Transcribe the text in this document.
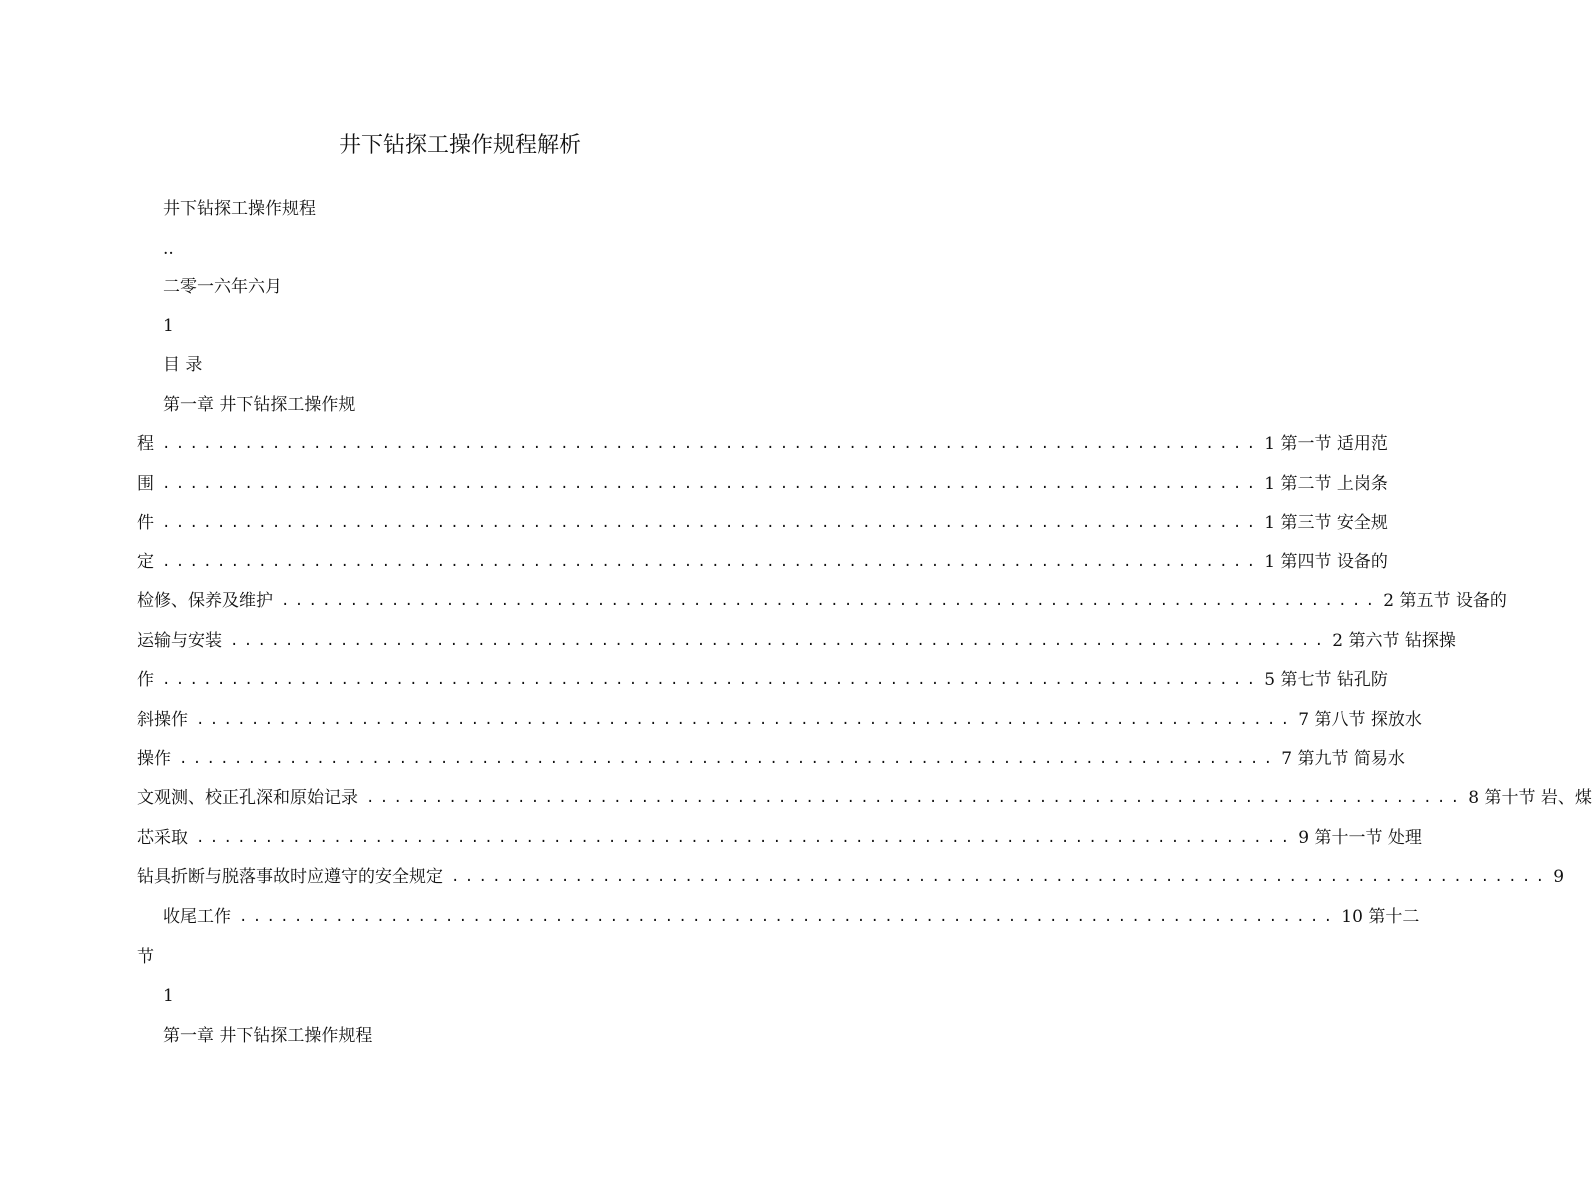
井下钻探工操作规程解析
井下钻探工操作规程
..
二零一六年六月
1
目 录
第一章 井下钻探工操作规
程 ................................................................................ 1 第一节 适用范
围 ................................................................................ 1 第二节 上岗条
件 ................................................................................ 1 第三节 安全规
定 ................................................................................ 1 第四节 设备的
检修、保养及维护 ................................................................................ 2 第五节 设备的
运输与安装 ................................................................................ 2 第六节 钻探操
作 ................................................................................ 5 第七节 钻孔防
斜操作 ................................................................................ 7 第八节 探放水
操作 ................................................................................ 7 第九节 简易水
文观测、校正孔深和原始记录 ................................................................................ 8 第十节 岩、煤
芯采取 ................................................................................ 9 第十一节 处理
钻具折断与脱落事故时应遵守的安全规定 ................................................................................ 9
收尾工作 ................................................................................ 10 第十二
节
1
第一章 井下钻探工操作规程
